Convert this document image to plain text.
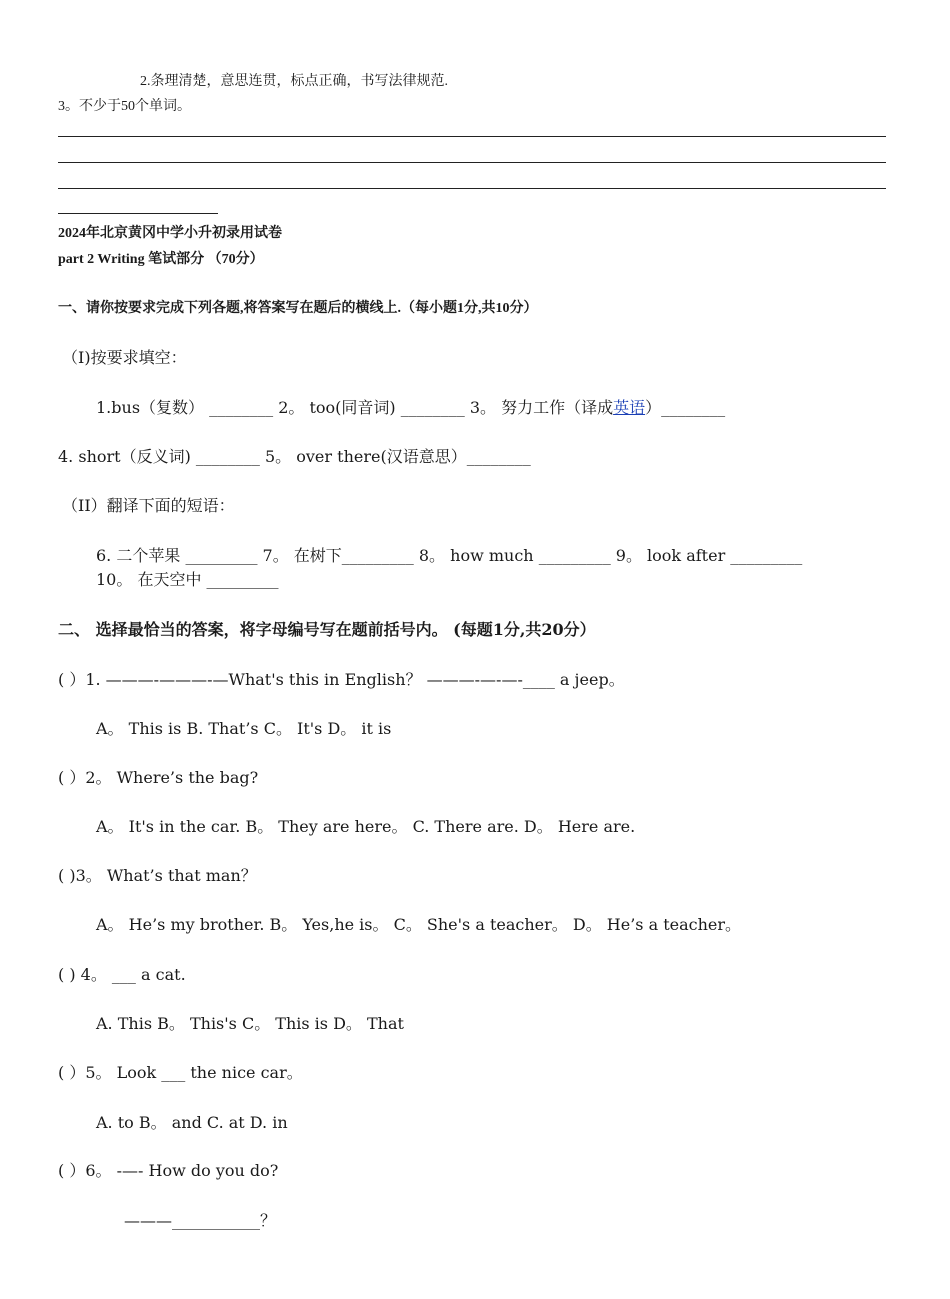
2.条理清楚，意思连贯，标点正确，书写法律规范.
3。不少于50个单词。
2024年北京黄冈中学小升初录用试卷
part 2 Writing 笔试部分 （70分）
一、请你按要求完成下列各题,将答案写在题后的横线上.（每小题1分,共10分）
（I)按要求填空：
1.bus（复数） ________ 2。 too(同音词) ________ 3。 努力工作（译成英语）________
4. short（反义词) ________ 5。 over there(汉语意思）________
（II）翻译下面的短语：
6. 二个苹果 _________ 7。 在树下_________ 8。 how much _________ 9。 look after _________
10。 在天空中 _________
二、 选择最恰当的答案，将字母编号写在题前括号内。 (每题1分,共20分）
( ）1. ———-———-—What's this in English？ ———-—-—-____ a jeep。
A。 This is B. That’s C。 It's D。 it is
( ）2。 Where’s the bag?
A。 It's in the car. B。 They are here。 C. There are. D。 Here are.
( )3。 What’s that man？
A。 He’s my brother. B。 Yes,he is。 C。 She's a teacher。 D。 He’s a teacher。
( ) 4。 ___ a cat.
A. This B。 This's C。 This is D。 That
( ）5。 Look ___ the nice car。
A. to B。 and C. at D. in
( ）6。 -—- How do you do?
———___________？
